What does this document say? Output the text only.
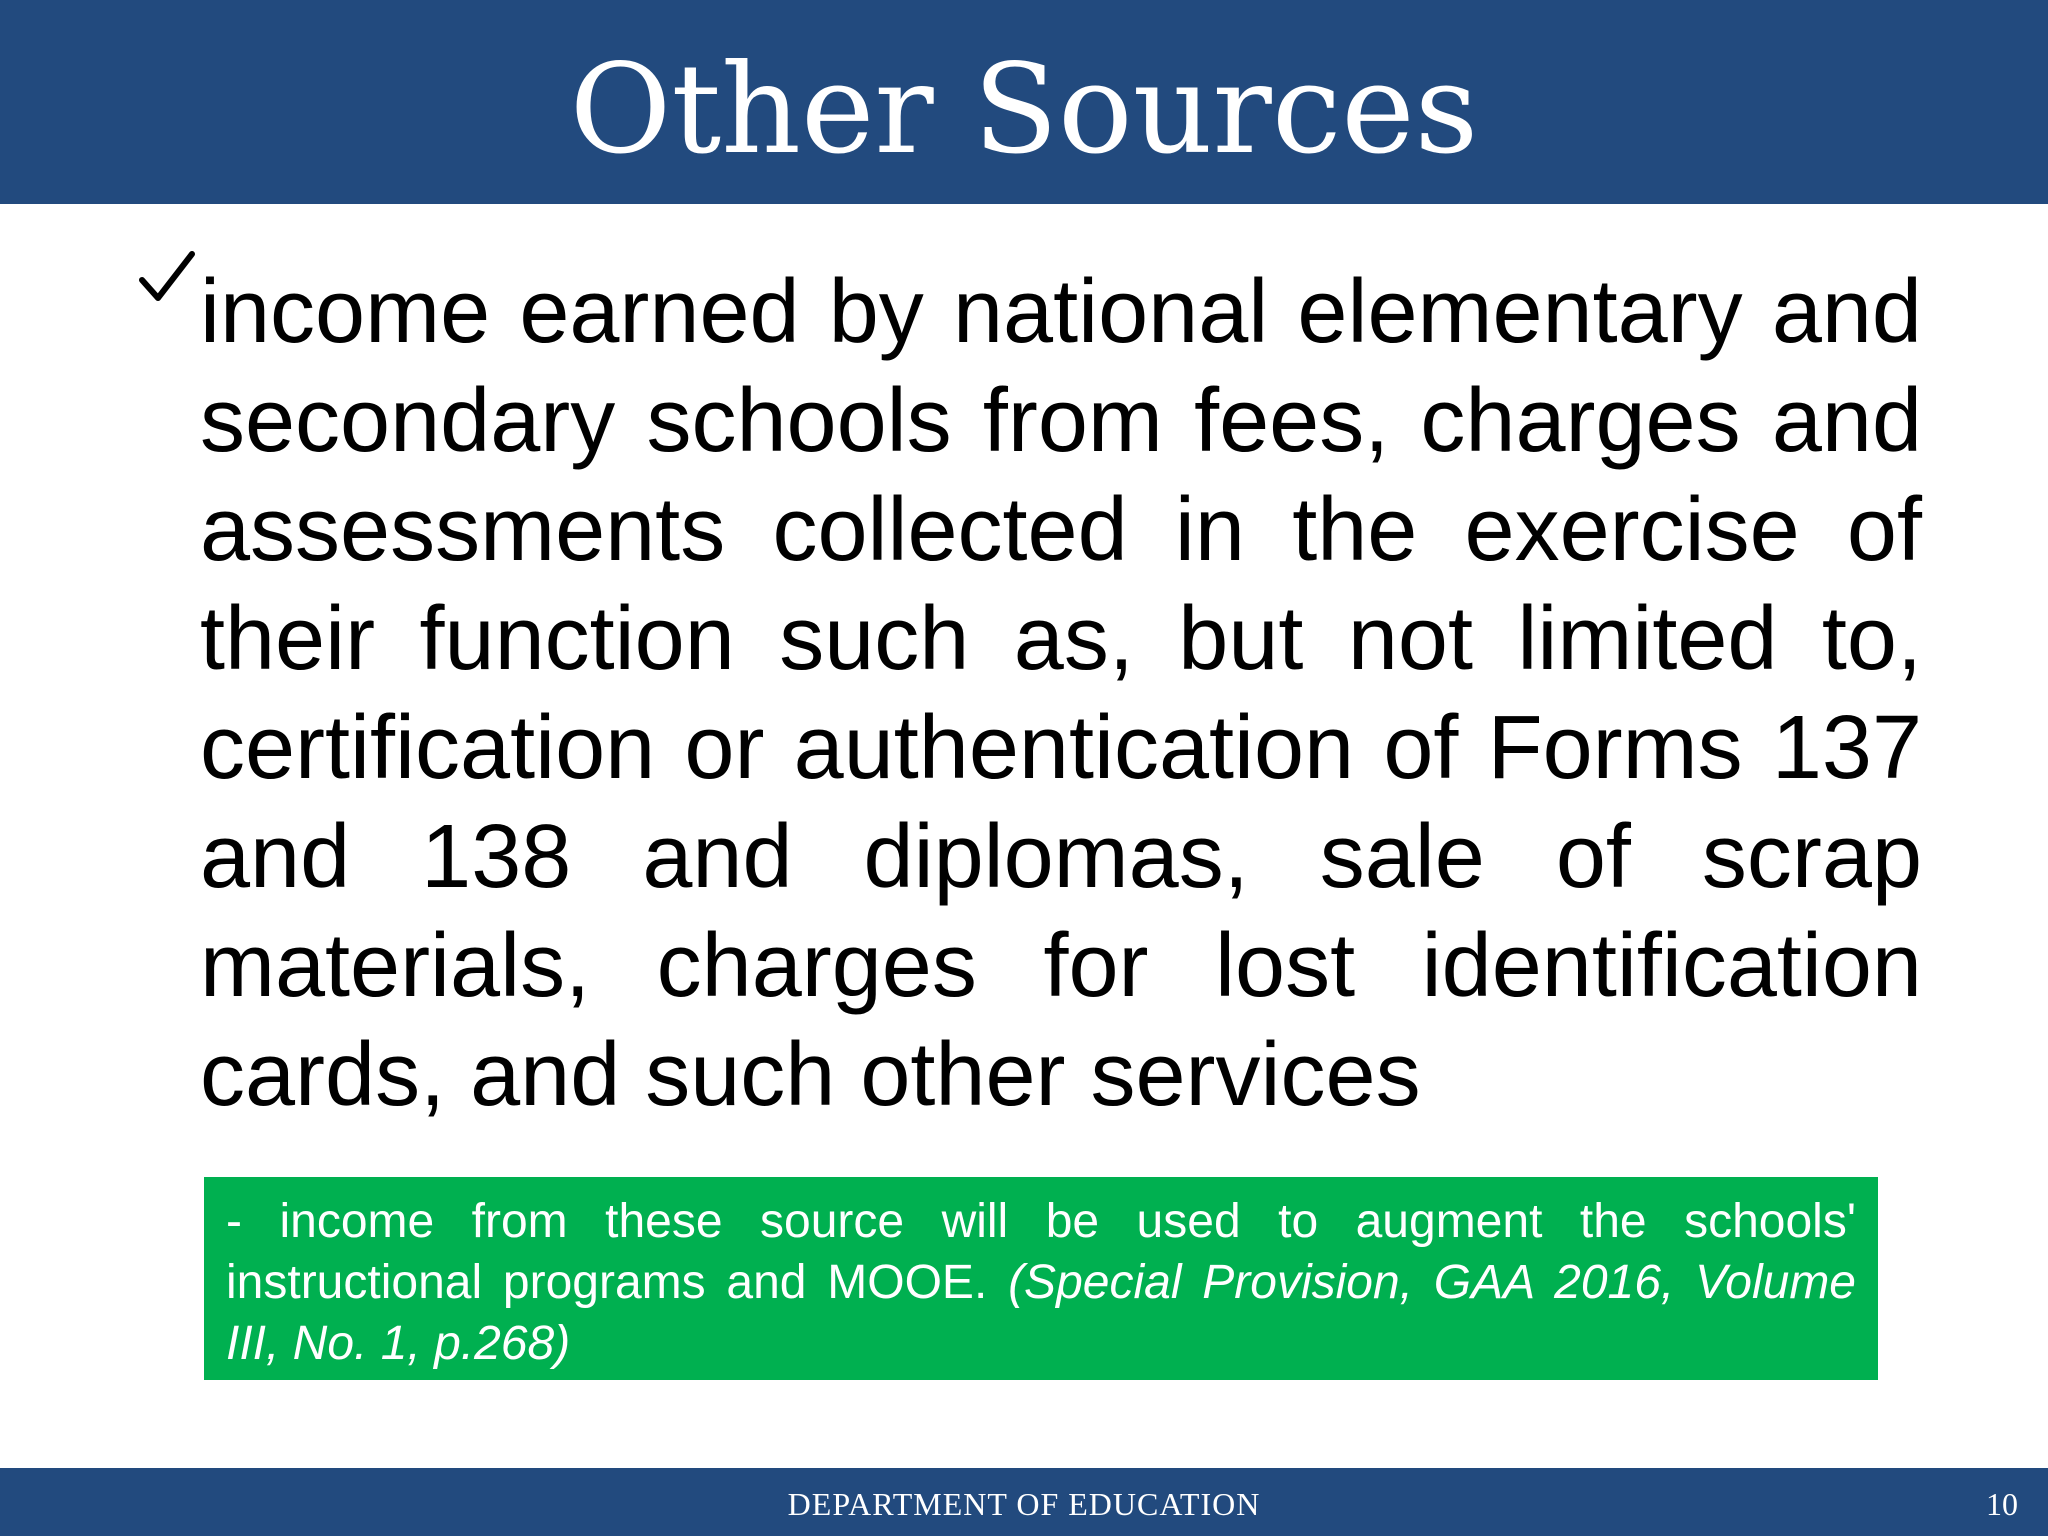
Other Sources

income earned by national elementary and secondary schools from fees, charges and assessments collected in the exercise of their function such as, but not limited to, certification or authentication of Forms 137 and 138 and diplomas, sale of scrap materials, charges for lost identification cards, and such other services

- income from these source will be used to augment the schools' instructional programs and MOOE. (Special Provision, GAA 2016, Volume III, No. 1, p.268)
DEPARTMENT OF EDUCATION	10
